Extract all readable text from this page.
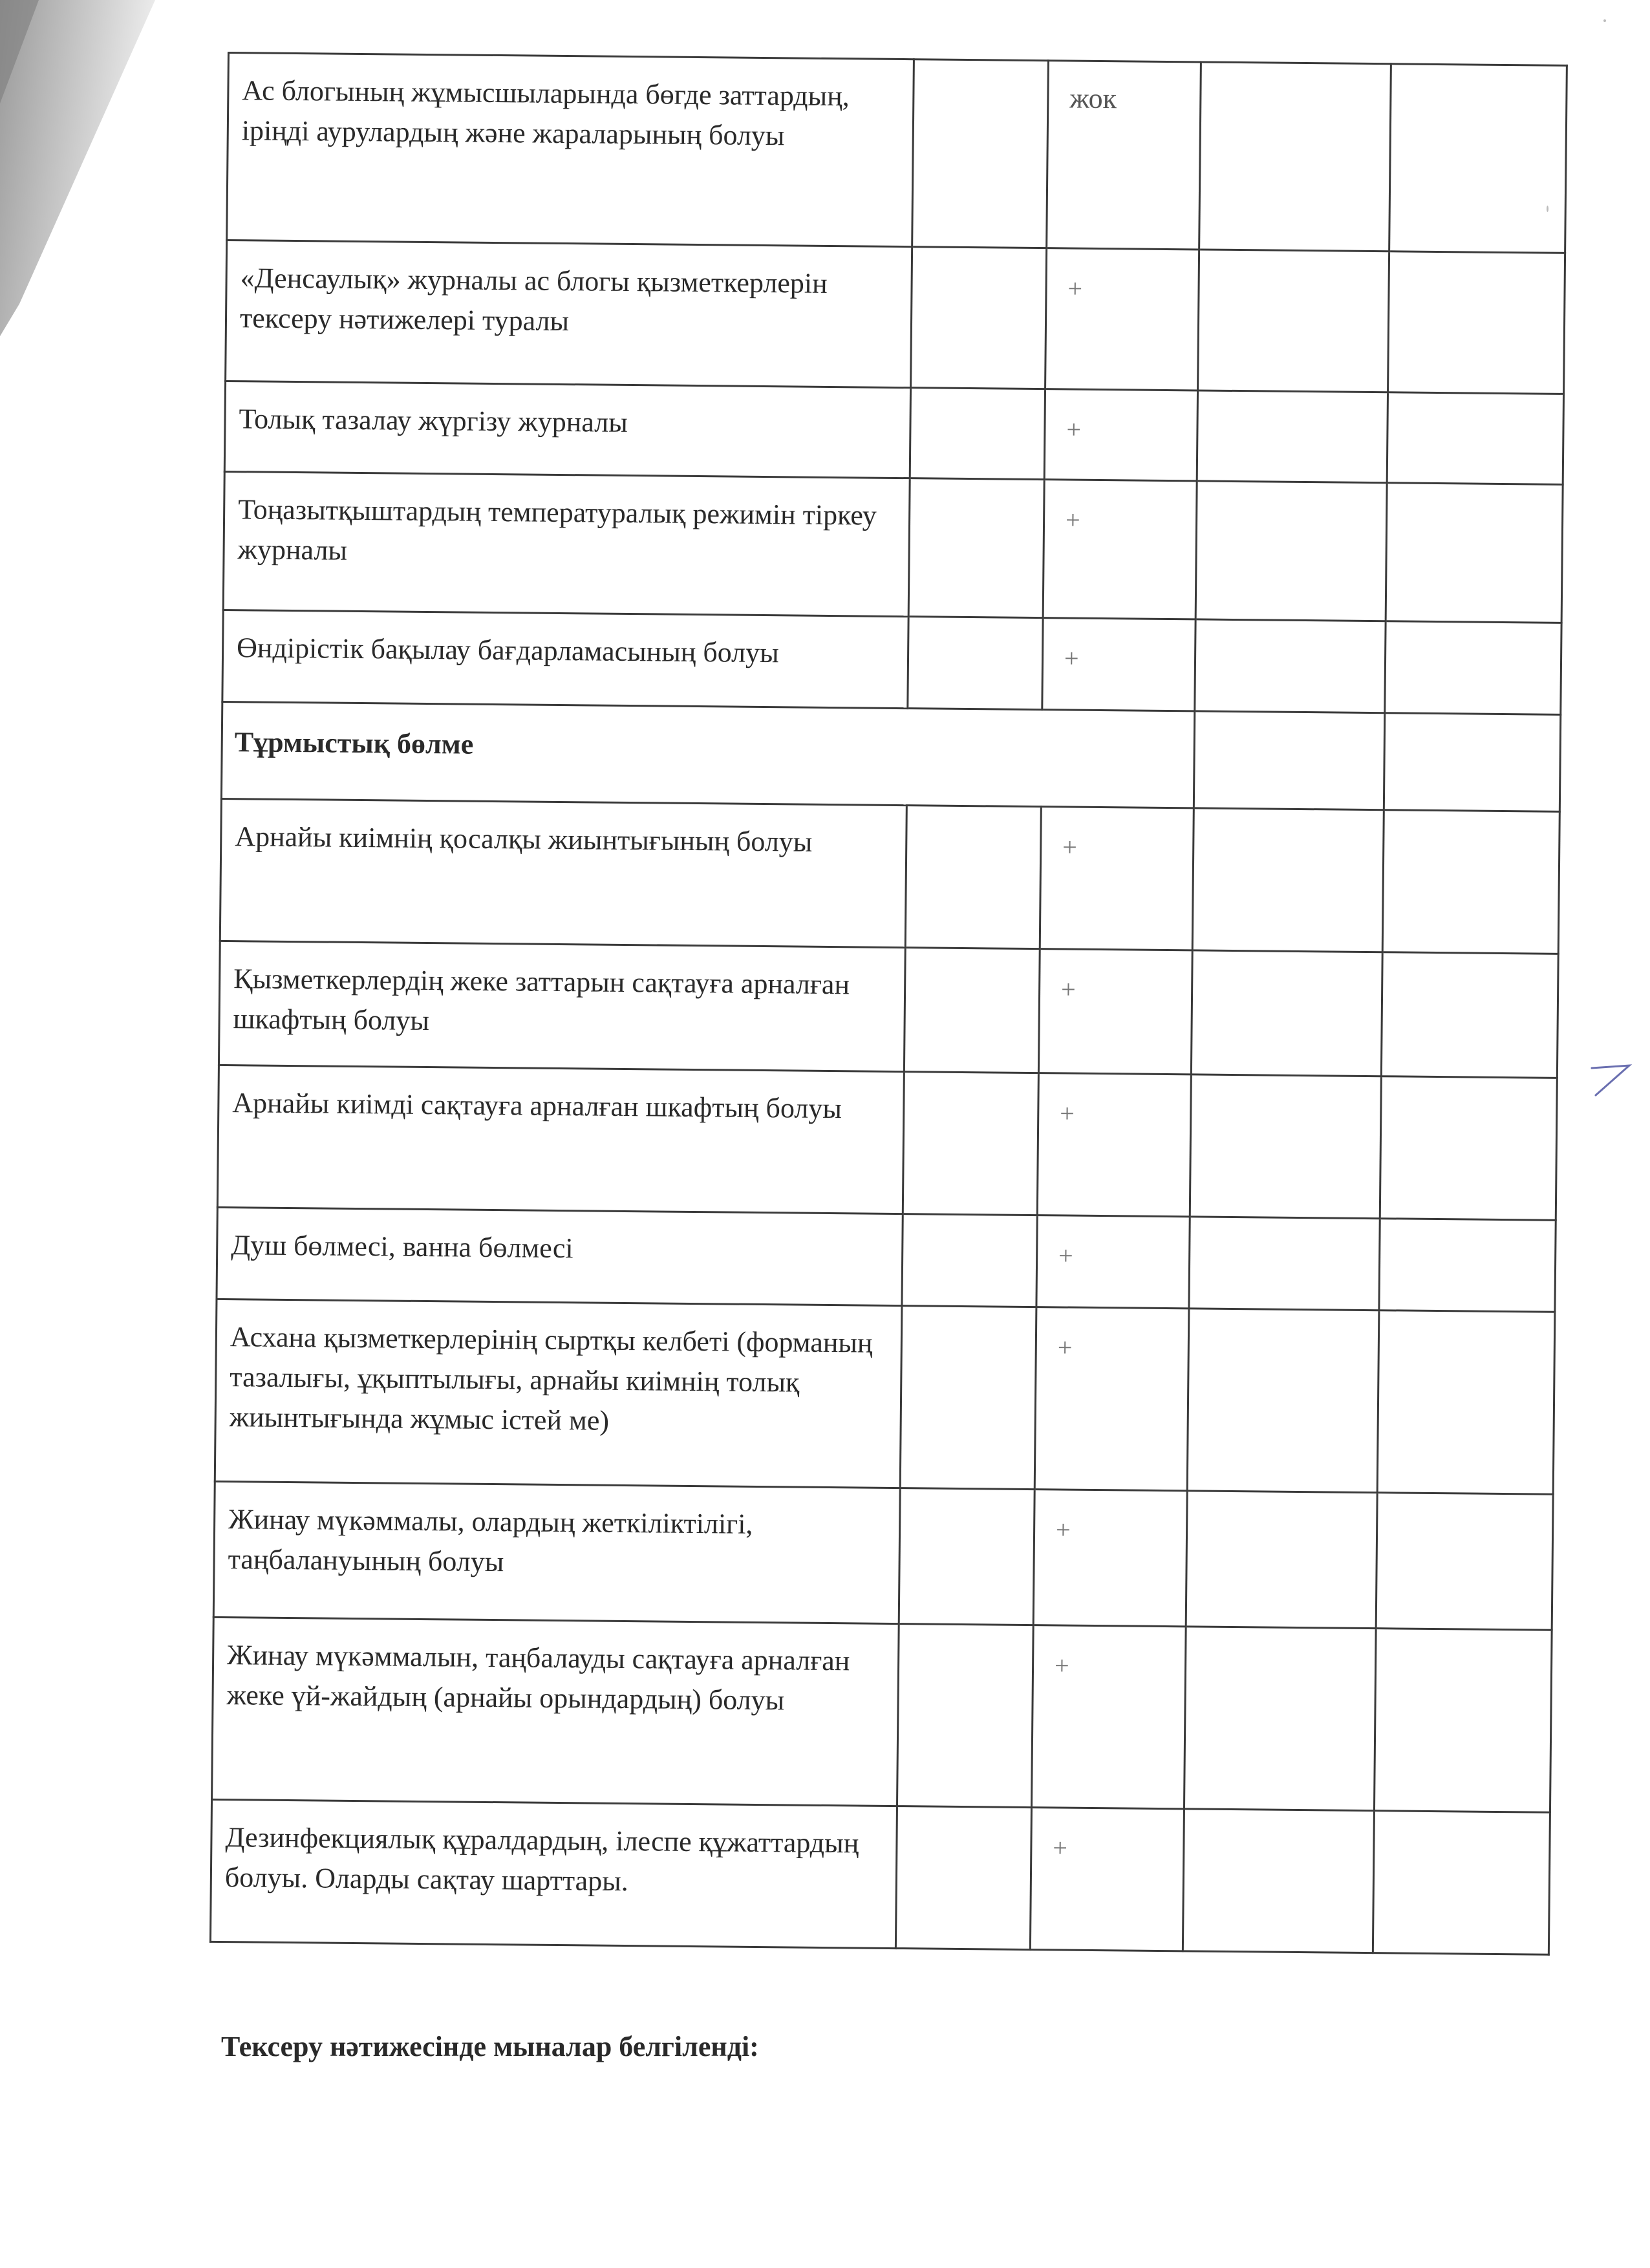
Ас блогының жұмысшыларында бөгде заттардың, іріңді аурулардың және жараларының болуы		жок		
«Денсаулық» журналы ас блогы қызметкерлерін тексеру нәтижелері туралы		+		
Толық тазалау жүргізу журналы		+		
Тоңазытқыштардың температуралық режимін тіркеу журналы		+		
Өндірістік бақылау бағдарламасының болуы		+		
Тұрмыстық бөлме				
Арнайы киімнің қосалқы жиынтығының болуы		+		
Қызметкерлердің жеке заттарын сақтауға арналған шкафтың болуы		+		
Арнайы киімді сақтауға арналған шкафтың болуы		+		
Душ бөлмесі, ванна бөлмесі		+		
Асхана қызметкерлерінің сыртқы келбеті (форманың тазалығы, ұқыптылығы, арнайы киімнің толық жиынтығында жұмыс істей ме)		+		
Жинау мүкәммалы, олардың жеткіліктілігі, таңбалануының болуы		+		
Жинау мүкәммалын, таңбалауды сақтауға арналған жеке үй-жайдың (арнайы орындардың) болуы		+		
Дезинфекциялық құралдардың, ілеспе құжаттардың болуы. Оларды сақтау шарттары.		+		
Тексеру нәтижесінде мыналар белгіленді:
